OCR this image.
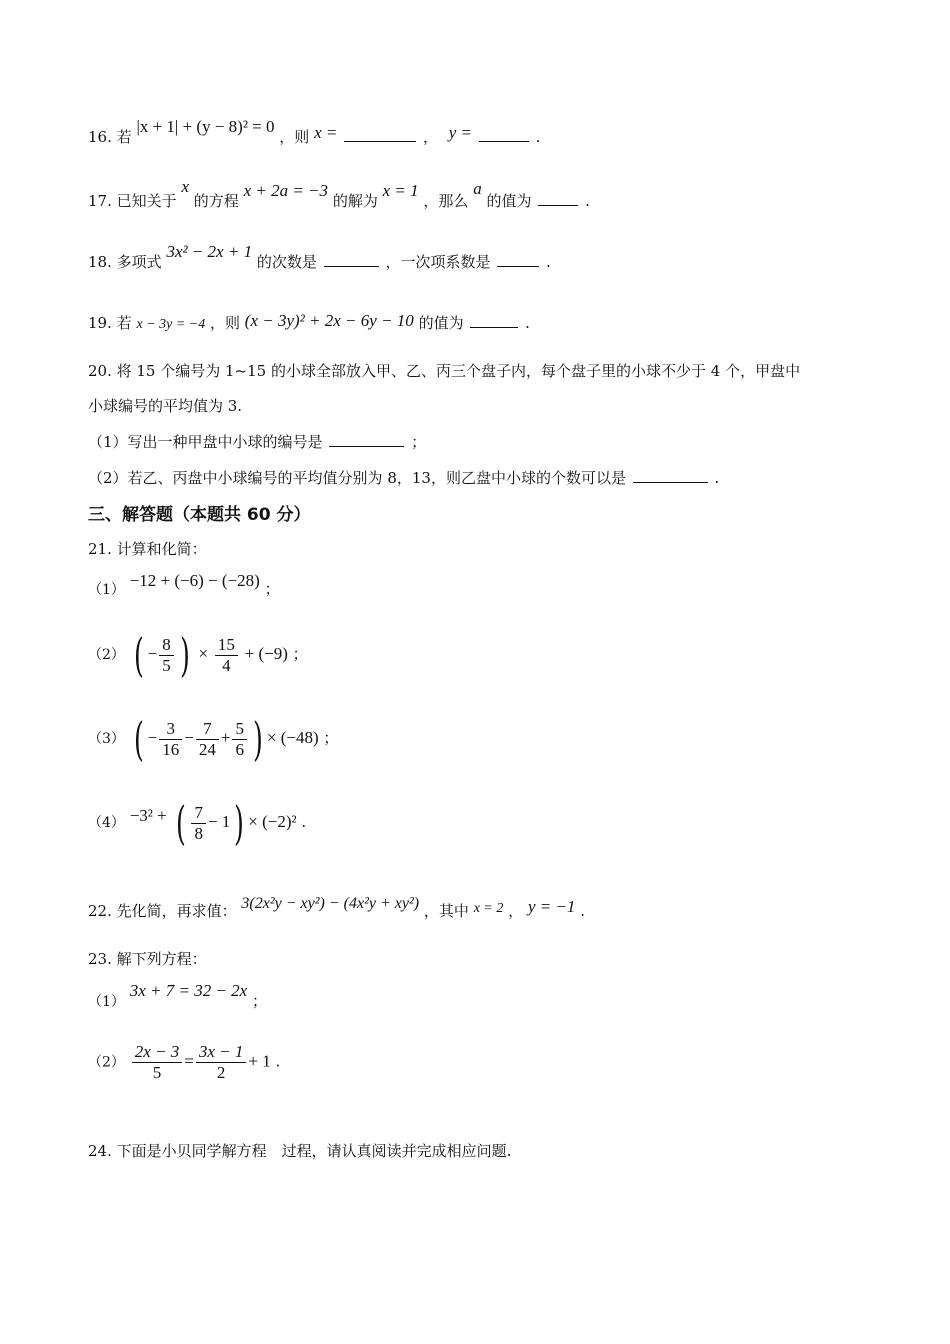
16. 若 |x + 1| + (y − 8)² = 0 ，则 x =	， y =	.
17. 已知关于 x 的方程 x + 2a = −3 的解为 x = 1 ，那么 a 的值为	.
18. 多项式 3x² − 2x + 1 的次数是	，一次项系数是	.
19. 若 x − 3y = −4 ，则 (x − 3y)² + 2x − 6y − 10 的值为	.
20. 将 15 个编号为 1~15 的小球全部放入甲、乙、丙三个盘子内，每个盘子里的小球不少于 4 个，甲盘中
小球编号的平均值为 3.
（1）写出一种甲盘中小球的编号是	；
（2）若乙、丙盘中小球编号的平均值分别为 8，13，则乙盘中小球的个数可以是	.
三、解答题（本题共 60 分）
21. 计算和化简：
（1） −12 + (−6) − (−28) ；
（2） ( − $\frac{8}{5}$ ) × $\frac{15}{4} + (-9)$ ；
（3） ( − $\frac{3}{16} - \frac{7}{24} + \frac{5}{6}$ ) × (−48) ；
（4） −3² + ( $\frac{7}{8} - 1) \times (-2)^2$ .
22. 先化简，再求值： 3(2x²y − xy²) − (4x²y + xy²) ，其中 x = 2 ， y = −1 .
23. 解下列方程：
（1） 3x + 7 = 32 − 2x ；
$(2) \frac{2x - 3}{5} = \frac{3x - 1}{2} + 1$ .
24. 下面是小贝同学解方程　过程，请认真阅读并完成相应问题.
